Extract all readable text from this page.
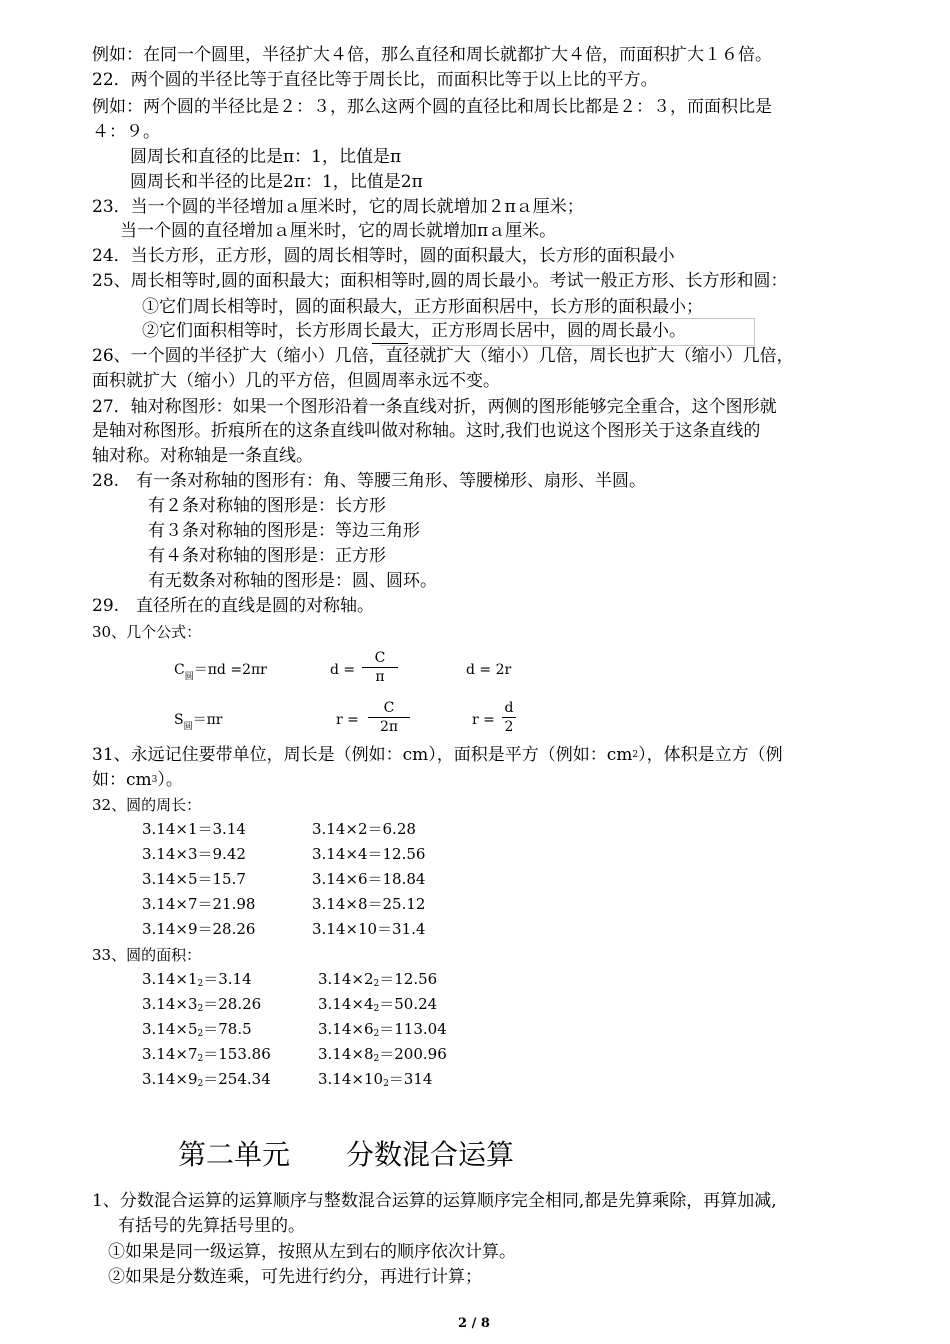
例如：在同一个圆里，半径扩大４倍，那么直径和周长就都扩大４倍，而面积扩大１６倍。
22．两个圆的半径比等于直径比等于周长比，而面积比等于以上比的平方。
例如：两个圆的半径比是２：３，那么这两个圆的直径比和周长比都是２：３，而面积比是
４：９。
圆周长和直径的比是π：1，比值是π
圆周长和半径的比是2π：1，比值是2π
23．当一个圆的半径增加ａ厘米时，它的周长就增加２πａ厘米；
当一个圆的直径增加ａ厘米时，它的周长就增加πａ厘米。
24．当长方形，正方形，圆的周长相等时，圆的面积最大，长方形的面积最小
25、周长相等时,圆的面积最大；面积相等时,圆的周长最小。考试一般正方形、长方形和圆：
①它们周长相等时，圆的面积最大，正方形面积居中，长方形的面积最小；
②它们面积相等时，长方形周长最大，正方形周长居中，圆的周长最小。
26、一个圆的半径扩大（缩小）几倍，直径就扩大（缩小）几倍，周长也扩大（缩小）几倍，
面积就扩大（缩小）几的平方倍，但圆周率永远不变。
27．轴对称图形：如果一个图形沿着一条直线对折，两侧的图形能够完全重合，这个图形就
是轴对称图形。折痕所在的这条直线叫做对称轴。这时,我们也说这个图形关于这条直线的
轴对称。对称轴是一条直线。
28.　有一条对称轴的图形有：角、等腰三角形、等腰梯形、扇形、半圆。
有２条对称轴的图形是：长方形
有３条对称轴的图形是：等边三角形
有４条对称轴的图形是：正方形
有无数条对称轴的图形是：圆、圆环。
29.　直径所在的直线是圆的对称轴。
30、几个公式：
$C_圆=\pi d =2\pi r$	d =
C
π	d = 2r
$S_圆=\pi r$	r =
C
2π	r =
d
2
31、永远记住要带单位，周长是（例如：cm），面积是平方（例如：$cm^2$），体积是立方（例
如：$cm^3$）。
32、圆的周长：
3.14×1＝3.14	3.14×2＝6.28
3.14×3＝9.42	3.14×4＝12.56
3.14×5＝15.7	3.14×6＝18.84
3.14×7＝21.98	3.14×8＝25.12
3.14×9＝28.26	3.14×10＝31.4
33、圆的面积：
$3.14\times 1_2=3.14$	$3.14\times 2_2=12.56$
$3.14\times 3_2=28.26$	$3.14\times 4_2=50.24$
$3.14\times 5_2=78.5$	$3.14\times 6_2=113.04$
$3.14\times 7_2=153.86$	$3.14\times 8_2=200.96$
$3.14\times 9_2=254.34$	$3.14\times 10_2=314$
第二单元　　分数混合运算
1、分数混合运算的运算顺序与整数混合运算的运算顺序完全相同,都是先算乘除，再算加减,
有括号的先算括号里的。
①如果是同一级运算，按照从左到右的顺序依次计算。
②如果是分数连乘，可先进行约分，再进行计算；
2 / 8
